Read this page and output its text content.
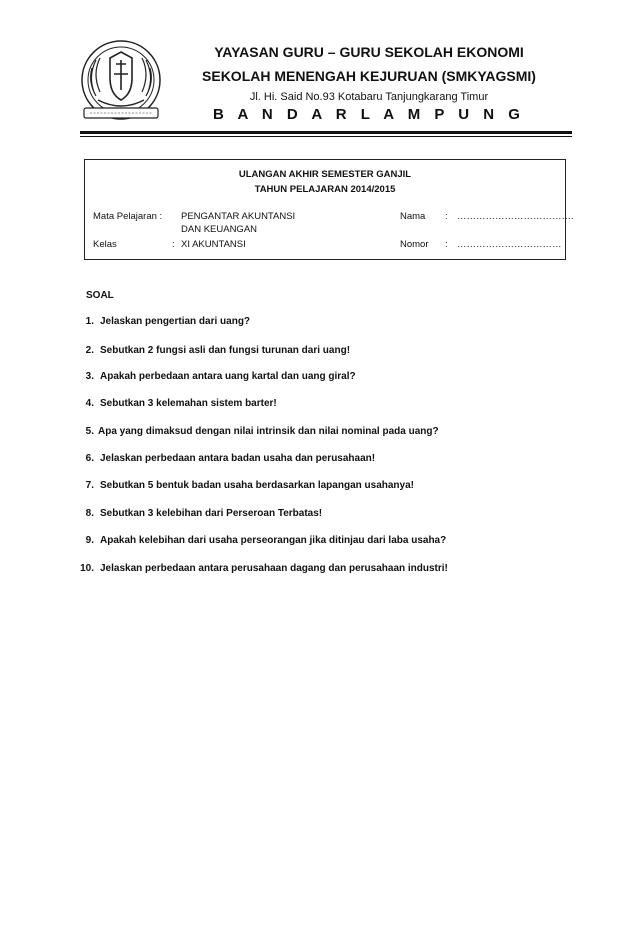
YAYASAN GURU – GURU SEKOLAH EKONOMI
SEKOLAH MENENGAH KEJURUAN (SMKYAGSMI)
Jl. Hi. Said No.93 Kotabaru Tanjungkarang Timur
B A N D A R L A M P U N G
ULANGAN AKHIR SEMESTER GANJIL
TAHUN PELAJARAN 2014/2015
Mata Pelajaran : PENGANTAR AKUNTANSI
DAN KEUANGAN
Kelas	: XI AKUNTANSI
Nama : ……………………………….
Nomor : ……………………………
SOAL
1. Jelaskan pengertian dari uang?
2. Sebutkan 2 fungsi asli dan fungsi turunan dari uang!
3. Apakah perbedaan antara uang kartal dan uang giral?
4. Sebutkan 3 kelemahan sistem barter!
5. Apa yang dimaksud dengan nilai intrinsik dan nilai nominal pada uang?
6. Jelaskan perbedaan antara badan usaha dan perusahaan!
7. Sebutkan 5 bentuk badan usaha berdasarkan lapangan usahanya!
8. Sebutkan 3 kelebihan dari Perseroan Terbatas!
9. Apakah kelebihan dari usaha perseorangan jika ditinjau dari laba usaha?
10. Jelaskan perbedaan antara perusahaan dagang dan perusahaan industri!
